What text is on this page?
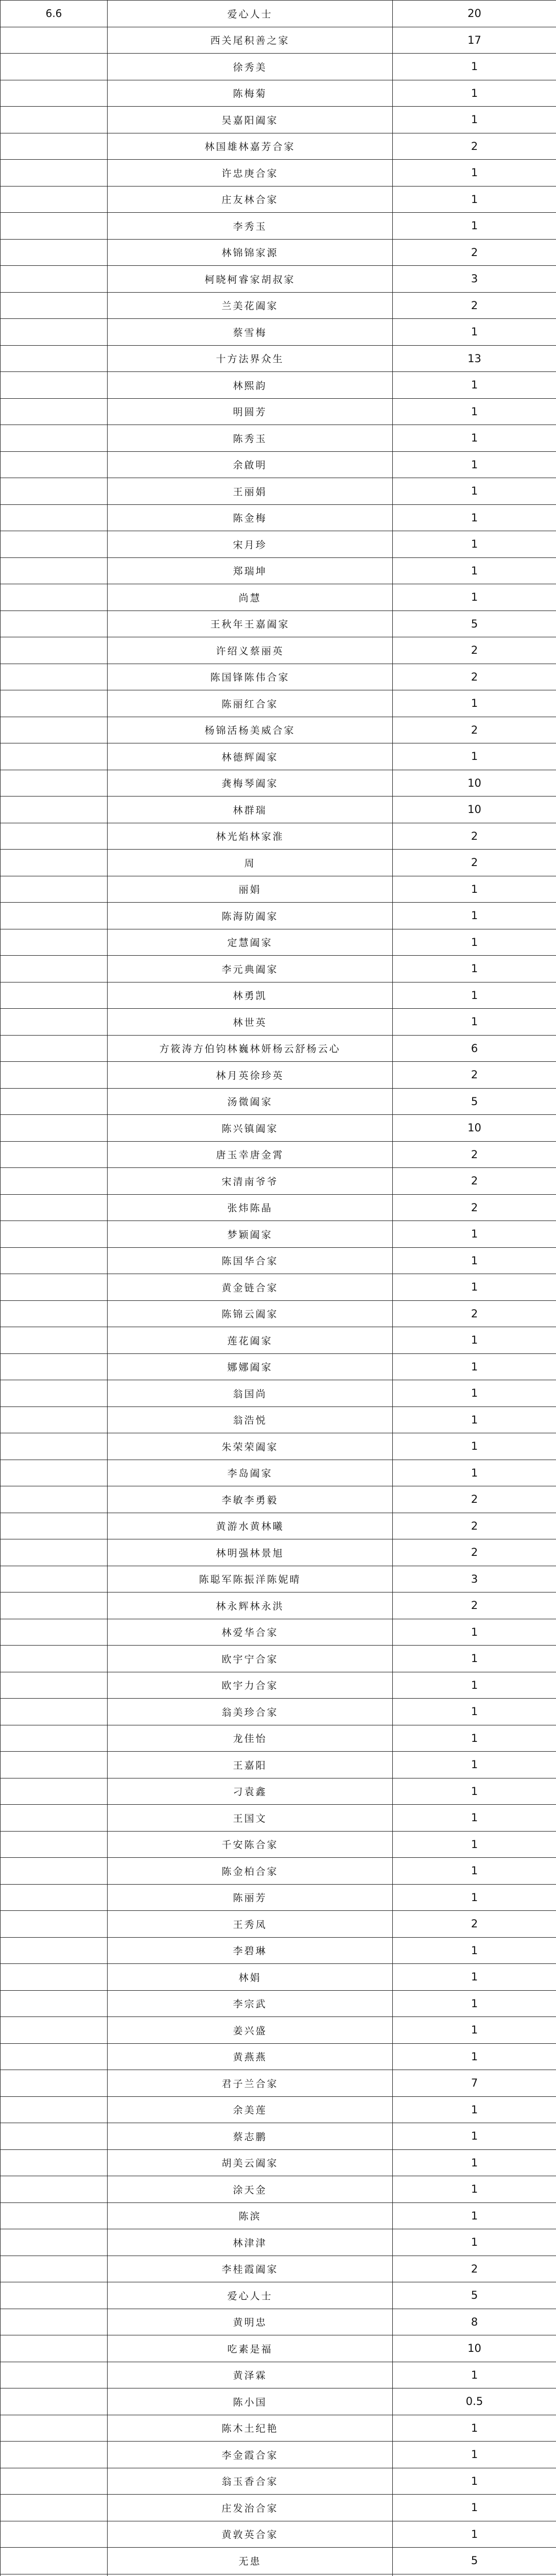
6.6	爱心人士	20
	西关尾积善之家	17
	徐秀美	1
	陈梅菊	1
	吴嘉阳阖家	1
	林国雄林嘉芳合家	2
	许忠庚合家	1
	庄友林合家	1
	李秀玉	1
	林锦锦家源	2
	柯晓柯睿家胡叔家	3
	兰美花阖家	2
	蔡雪梅	1
	十方法界众生	13
	林熙韵	1
	明圆芳	1
	陈秀玉	1
	余啟明	1
	王丽娟	1
	陈金梅	1
	宋月珍	1
	郑瑞坤	1
	尚慧	1
	王秋年王嘉阖家	5
	许绍义蔡丽英	2
	陈国锋陈伟合家	2
	陈丽红合家	1
	杨锦活杨美威合家	2
	林德辉阖家	1
	龚梅琴阖家	10
	林群瑞	10
	林光焰林家淮	2
	周	2
	丽娟	1
	陈海防阖家	1
	定慧阖家	1
	李元典阖家	1
	林勇凯	1
	林世英	1
	方筱涛方伯钧林巍林妍杨云舒杨云心	6
	林月英徐珍英	2
	汤微阖家	5
	陈兴镇阖家	10
	唐玉幸唐金霄	2
	宋清南爷爷	2
	张炜陈晶	2
	梦颖阖家	1
	陈国华合家	1
	黄金链合家	1
	陈锦云阖家	2
	莲花阖家	1
	娜娜阖家	1
	翁国尚	1
	翁浩悦	1
	朱荣荣阖家	1
	李岛阖家	1
	李敏李勇毅	2
	黄游水黄林曦	2
	林明强林景旭	2
	陈聪军陈振洋陈妮晴	3
	林永辉林永洪	2
	林爱华合家	1
	欧宇宁合家	1
	欧宇力合家	1
	翁美珍合家	1
	龙佳怡	1
	王嘉阳	1
	刁袁鑫	1
	王国文	1
	千安陈合家	1
	陈金柏合家	1
	陈丽芳	1
	王秀凤	2
	李碧琳	1
	林娟	1
	李宗武	1
	姜兴盛	1
	黄燕燕	1
	君子兰合家	7
	余美莲	1
	蔡志鹏	1
	胡美云阖家	1
	涂天金	1
	陈滨	1
	林津津	1
	李桂霞阖家	2
	爱心人士	5
	黄明忠	8
	吃素是福	10
	黄泽霖	1
	陈小国	0.5
	陈木土纪艳	1
	李金霞合家	1
	翁玉香合家	1
	庄发治合家	1
	黄敦英合家	1
	无患	5
